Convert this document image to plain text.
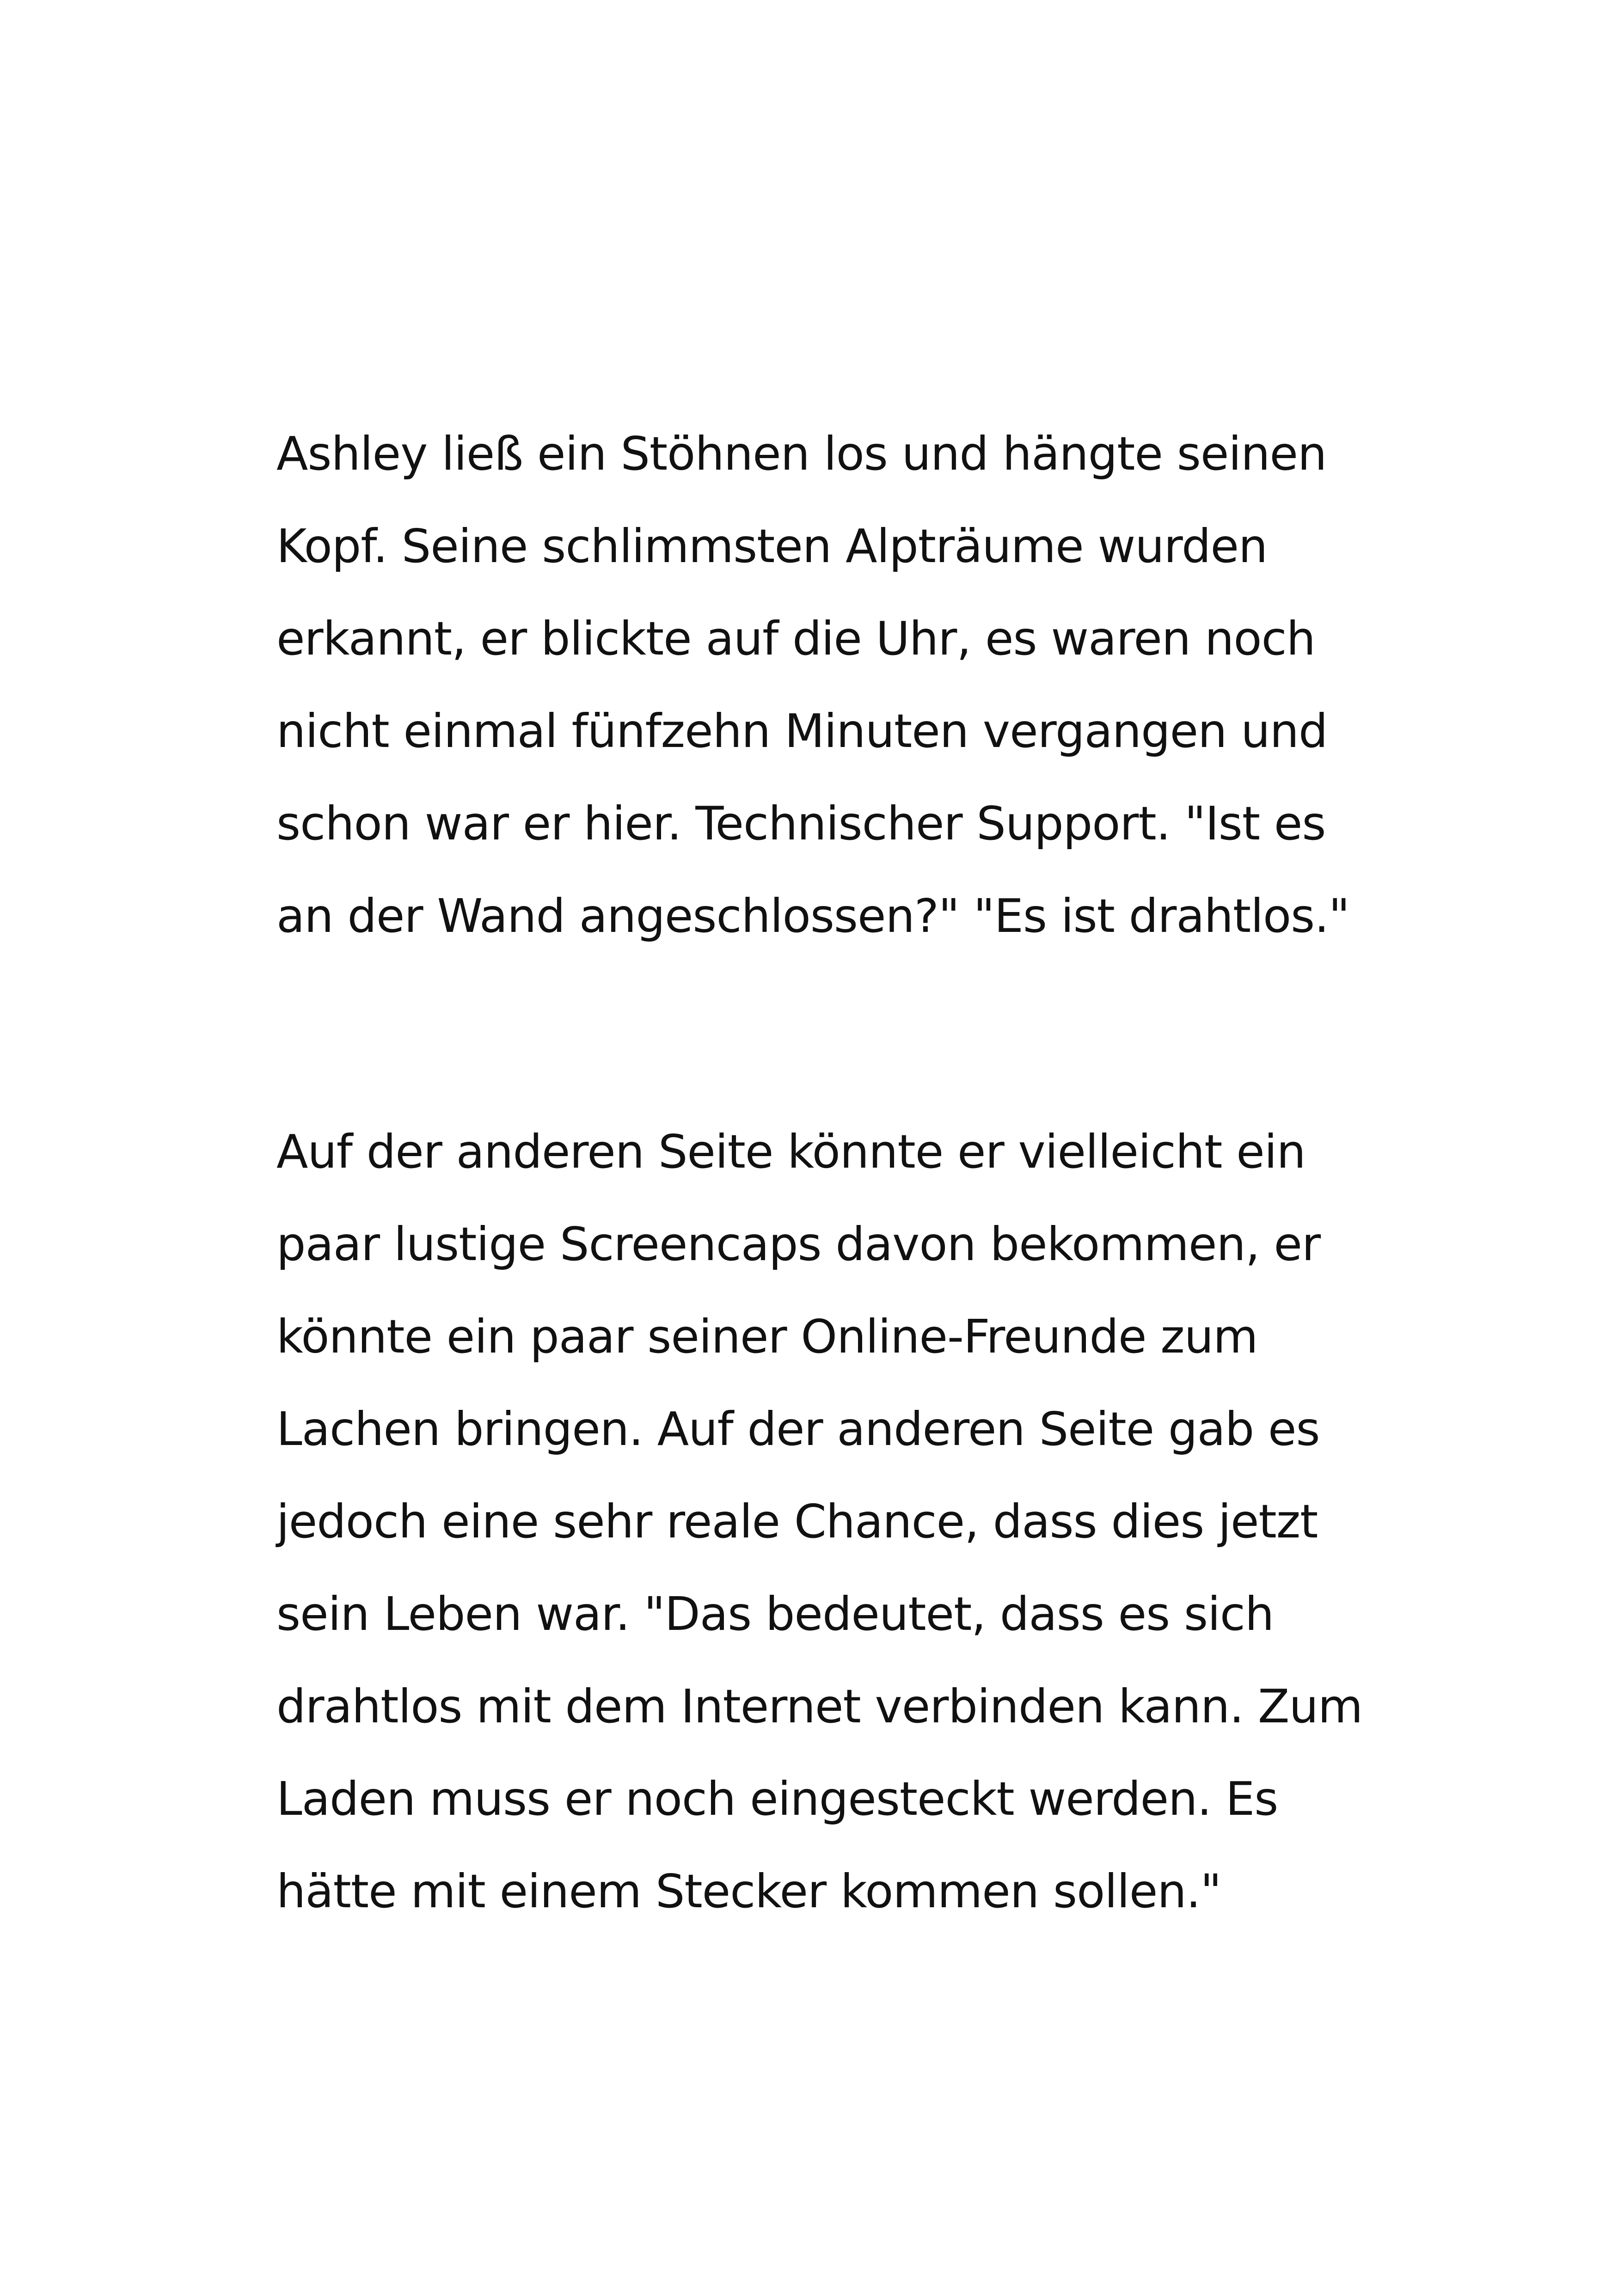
Ashley ließ ein Stöhnen los und hängte seinen

Kopf. Seine schlimmsten Alpträume wurden

erkannt, er blickte auf die Uhr, es waren noch

nicht einmal fünfzehn Minuten vergangen und

schon war er hier. Technischer Support. "Ist es

an der Wand angeschlossen?" "Es ist drahtlos."

Auf der anderen Seite könnte er vielleicht ein

paar lustige Screencaps davon bekommen, er

könnte ein paar seiner Online-Freunde zum

Lachen bringen. Auf der anderen Seite gab es

jedoch eine sehr reale Chance, dass dies jetzt

sein Leben war. "Das bedeutet, dass es sich

drahtlos mit dem Internet verbinden kann. Zum

Laden muss er noch eingesteckt werden. Es

hätte mit einem Stecker kommen sollen."
